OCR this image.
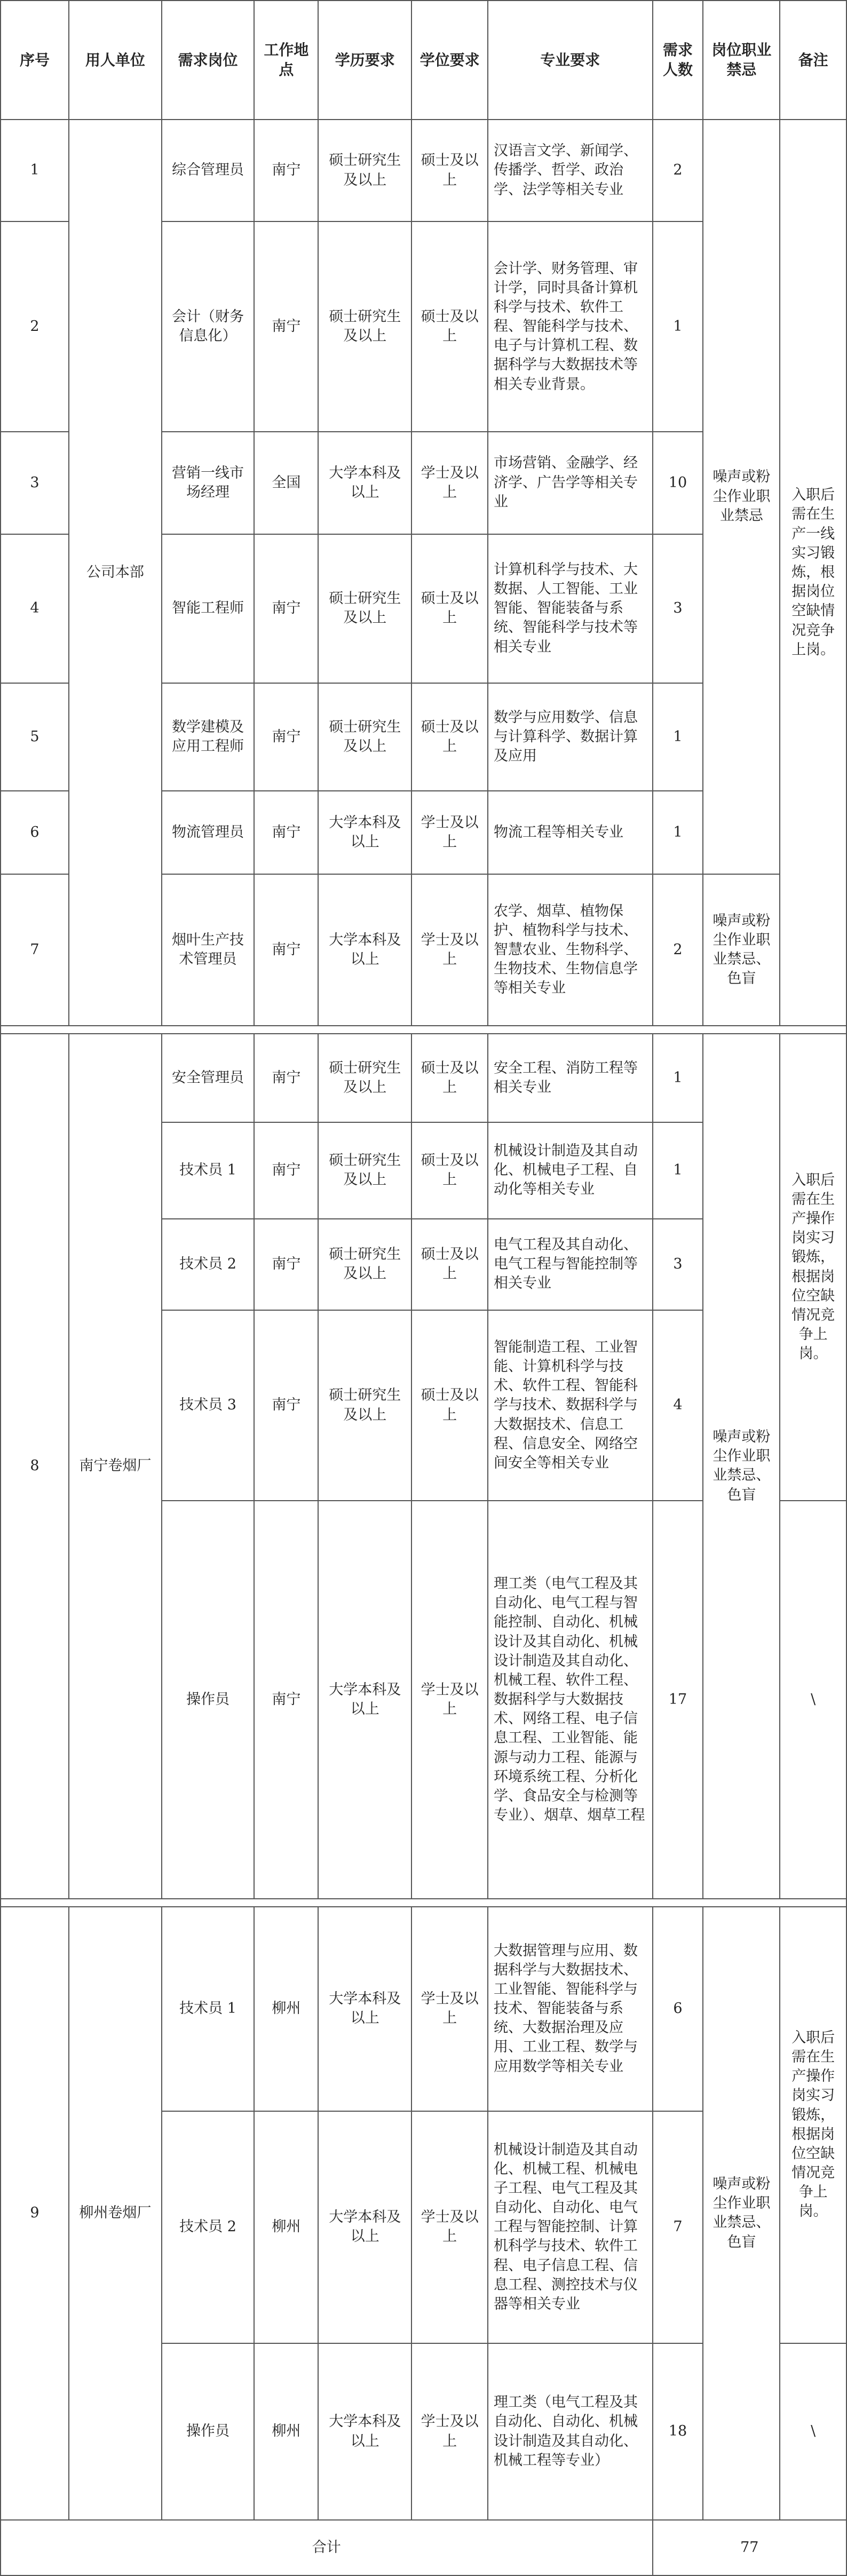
序号	用人单位	需求岗位	工作地点	学历要求	学位要求	专业要求	需求人数	岗位职业禁忌	备注
1	公司本部	综合管理员	南宁	硕士研究生及以上	硕士及以上	汉语言文学、新闻学、传播学、哲学、政治学、法学等相关专业	2	噪声或粉尘作业职业禁忌	入职后需在生产一线实习锻炼，根据岗位空缺情况竞争上岗。
2		会计（财务信息化）	南宁	硕士研究生及以上	硕士及以上	会计学、财务管理、审计学，同时具备计算机科学与技术、软件工程、智能科学与技术、电子与计算机工程、数据科学与大数据技术等相关专业背景。	1		
3		营销一线市场经理	全国	大学本科及以上	学士及以上	市场营销、金融学、经济学、广告学等相关专业	10		
4		智能工程师	南宁	硕士研究生及以上	硕士及以上	计算机科学与技术、大数据、人工智能、工业智能、智能装备与系统、智能科学与技术等相关专业	3		
5		数学建模及应用工程师	南宁	硕士研究生及以上	硕士及以上	数学与应用数学、信息与计算科学、数据计算及应用	1		
6		物流管理员	南宁	大学本科及以上	学士及以上	物流工程等相关专业	1		
7		烟叶生产技术管理员	南宁	大学本科及以上	学士及以上	农学、烟草、植物保护、植物科学与技术、智慧农业、生物科学、生物技术、生物信息学等相关专业	2	噪声或粉尘作业职业禁忌、色盲	

8	南宁卷烟厂	安全管理员	南宁	硕士研究生及以上	硕士及以上	安全工程、消防工程等相关专业	1	噪声或粉尘作业职业禁忌、色盲	入职后需在生产操作岗实习锻炼，根据岗位空缺情况竞争上岗。
		技术员 1	南宁	硕士研究生及以上	硕士及以上	机械设计制造及其自动化、机械电子工程、自动化等相关专业	1		
		技术员 2	南宁	硕士研究生及以上	硕士及以上	电气工程及其自动化、电气工程与智能控制等相关专业	3		
		技术员 3	南宁	硕士研究生及以上	硕士及以上	智能制造工程、工业智能、计算机科学与技术、软件工程、智能科学与技术、数据科学与大数据技术、信息工程、信息安全、网络空间安全等相关专业	4		
		操作员	南宁	大学本科及以上	学士及以上	理工类（电气工程及其自动化、电气工程与智能控制、自动化、机械设计及其自动化、机械设计制造及其自动化、机械工程、软件工程、数据科学与大数据技术、网络工程、电子信息工程、工业智能、能源与动力工程、能源与环境系统工程、分析化学、食品安全与检测等专业）、烟草、烟草工程	17		\

9	柳州卷烟厂	技术员 1	柳州	大学本科及以上	学士及以上	大数据管理与应用、数据科学与大数据技术、工业智能、智能科学与技术、智能装备与系统、大数据治理及应用、工业工程、数学与应用数学等相关专业	6	噪声或粉尘作业职业禁忌、色盲	入职后需在生产操作岗实习锻炼，根据岗位空缺情况竞争上岗。
		技术员 2	柳州	大学本科及以上	学士及以上	机械设计制造及其自动化、机械工程、机械电子工程、电气工程及其自动化、自动化、电气工程与智能控制、计算机科学与技术、软件工程、电子信息工程、信息工程、测控技术与仪器等相关专业	7		
		操作员	柳州	大学本科及以上	学士及以上	理工类（电气工程及其自动化、自动化、机械设计制造及其自动化、机械工程等专业）	18		\
合计							77		
